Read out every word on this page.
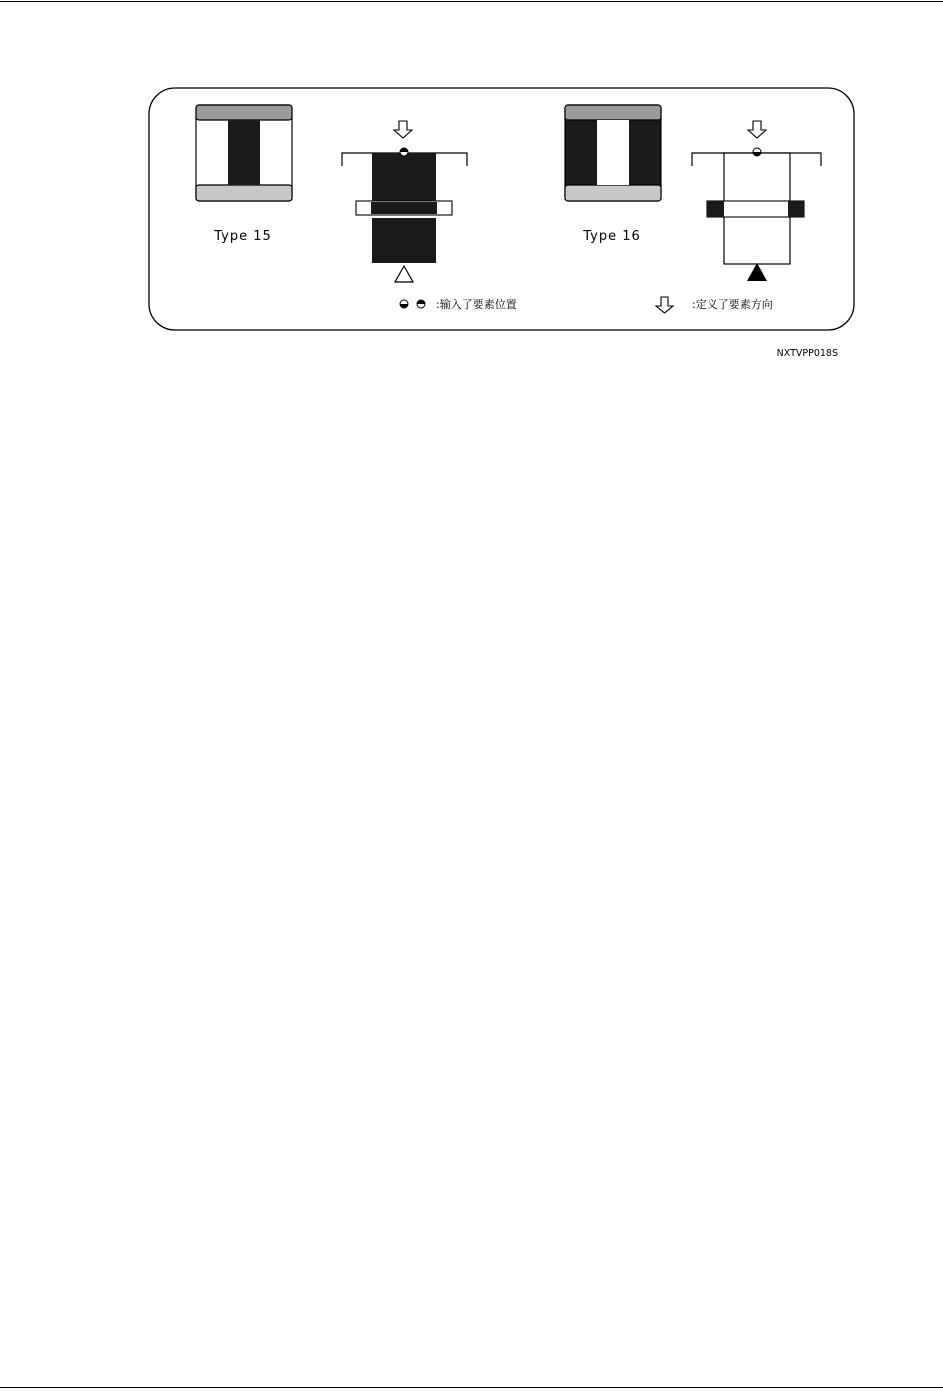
Type 15	Type 16
:输入了要素位置	:定义了要素方向
NXTVPP018S
